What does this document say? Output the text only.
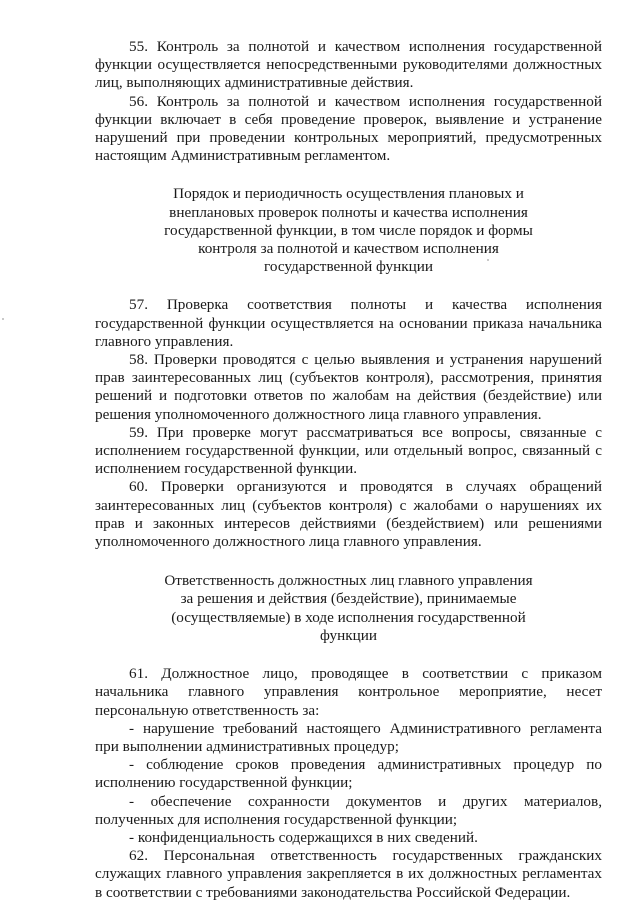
55. Контроль за полнотой и качеством исполнения государственной функции осуществляется непосредственными руководителями должностных лиц, выполняющих административные действия.

56. Контроль за полнотой и качеством исполнения государственной функции включает в себя проведение проверок, выявление и устранение нарушений при проведении контрольных мероприятий, предусмотренных настоящим Административным регламентом.

Порядок и периодичность осуществления плановых и
внеплановых проверок полноты и качества исполнения
государственной функции, в том числе порядок и формы
контроля за полнотой и качеством исполнения
государственной функции

57. Проверка соответствия полноты и качества исполнения государственной функции осуществляется на основании приказа начальника главного управления.

58. Проверки проводятся с целью выявления и устранения нарушений прав заинтересованных лиц (субъектов контроля), рассмотрения, принятия решений и подготовки ответов по жалобам на действия (бездействие) или решения уполномоченного должностного лица главного управления.

59. При проверке могут рассматриваться все вопросы, связанные с исполнением государственной функции, или отдельный вопрос, связанный с исполнением государственной функции.

60. Проверки организуются и проводятся в случаях обращений заинтересованных лиц (субъектов контроля) с жалобами о нарушениях их прав и законных интересов действиями (бездействием) или решениями уполномоченного должностного лица главного управления.

Ответственность должностных лиц главного управления
за решения и действия (бездействие), принимаемые
(осуществляемые) в ходе исполнения государственной функции

61. Должностное лицо, проводящее в соответствии с приказом начальника главного управления контрольное мероприятие, несет персональную ответственность за:

- нарушение требований настоящего Административного регламента при выполнении административных процедур;

- соблюдение сроков проведения административных процедур по исполнению государственной функции;

- обеспечение сохранности документов и других материалов, полученных для исполнения государственной функции;

- конфиденциальность содержащихся в них сведений.

62. Персональная ответственность государственных гражданских служащих главного управления закрепляется в их должностных регламентах в соответствии с требованиями законодательства Российской Федерации.
